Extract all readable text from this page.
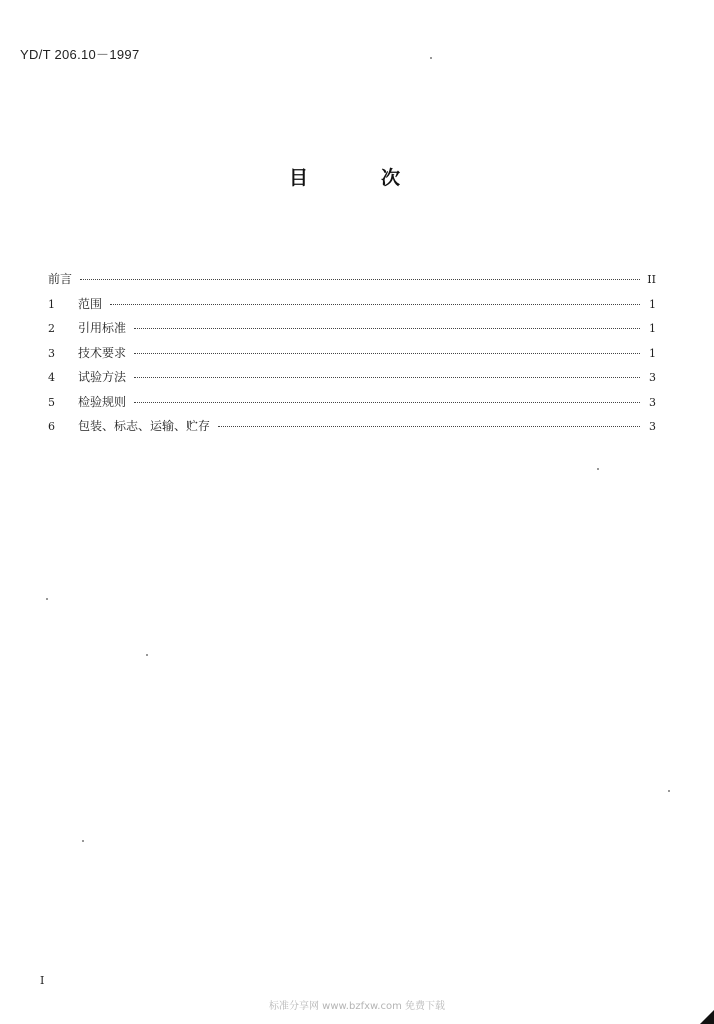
YD/T 206.10－1997
目	次
前言	II
1	范围	1
2	引用标准	1
3	技术要求	1
4	试验方法	3
5	检验规则	3
6	包装、标志、运输、贮存	3
I
标准分享网 www.bzfxw.com 免费下载
